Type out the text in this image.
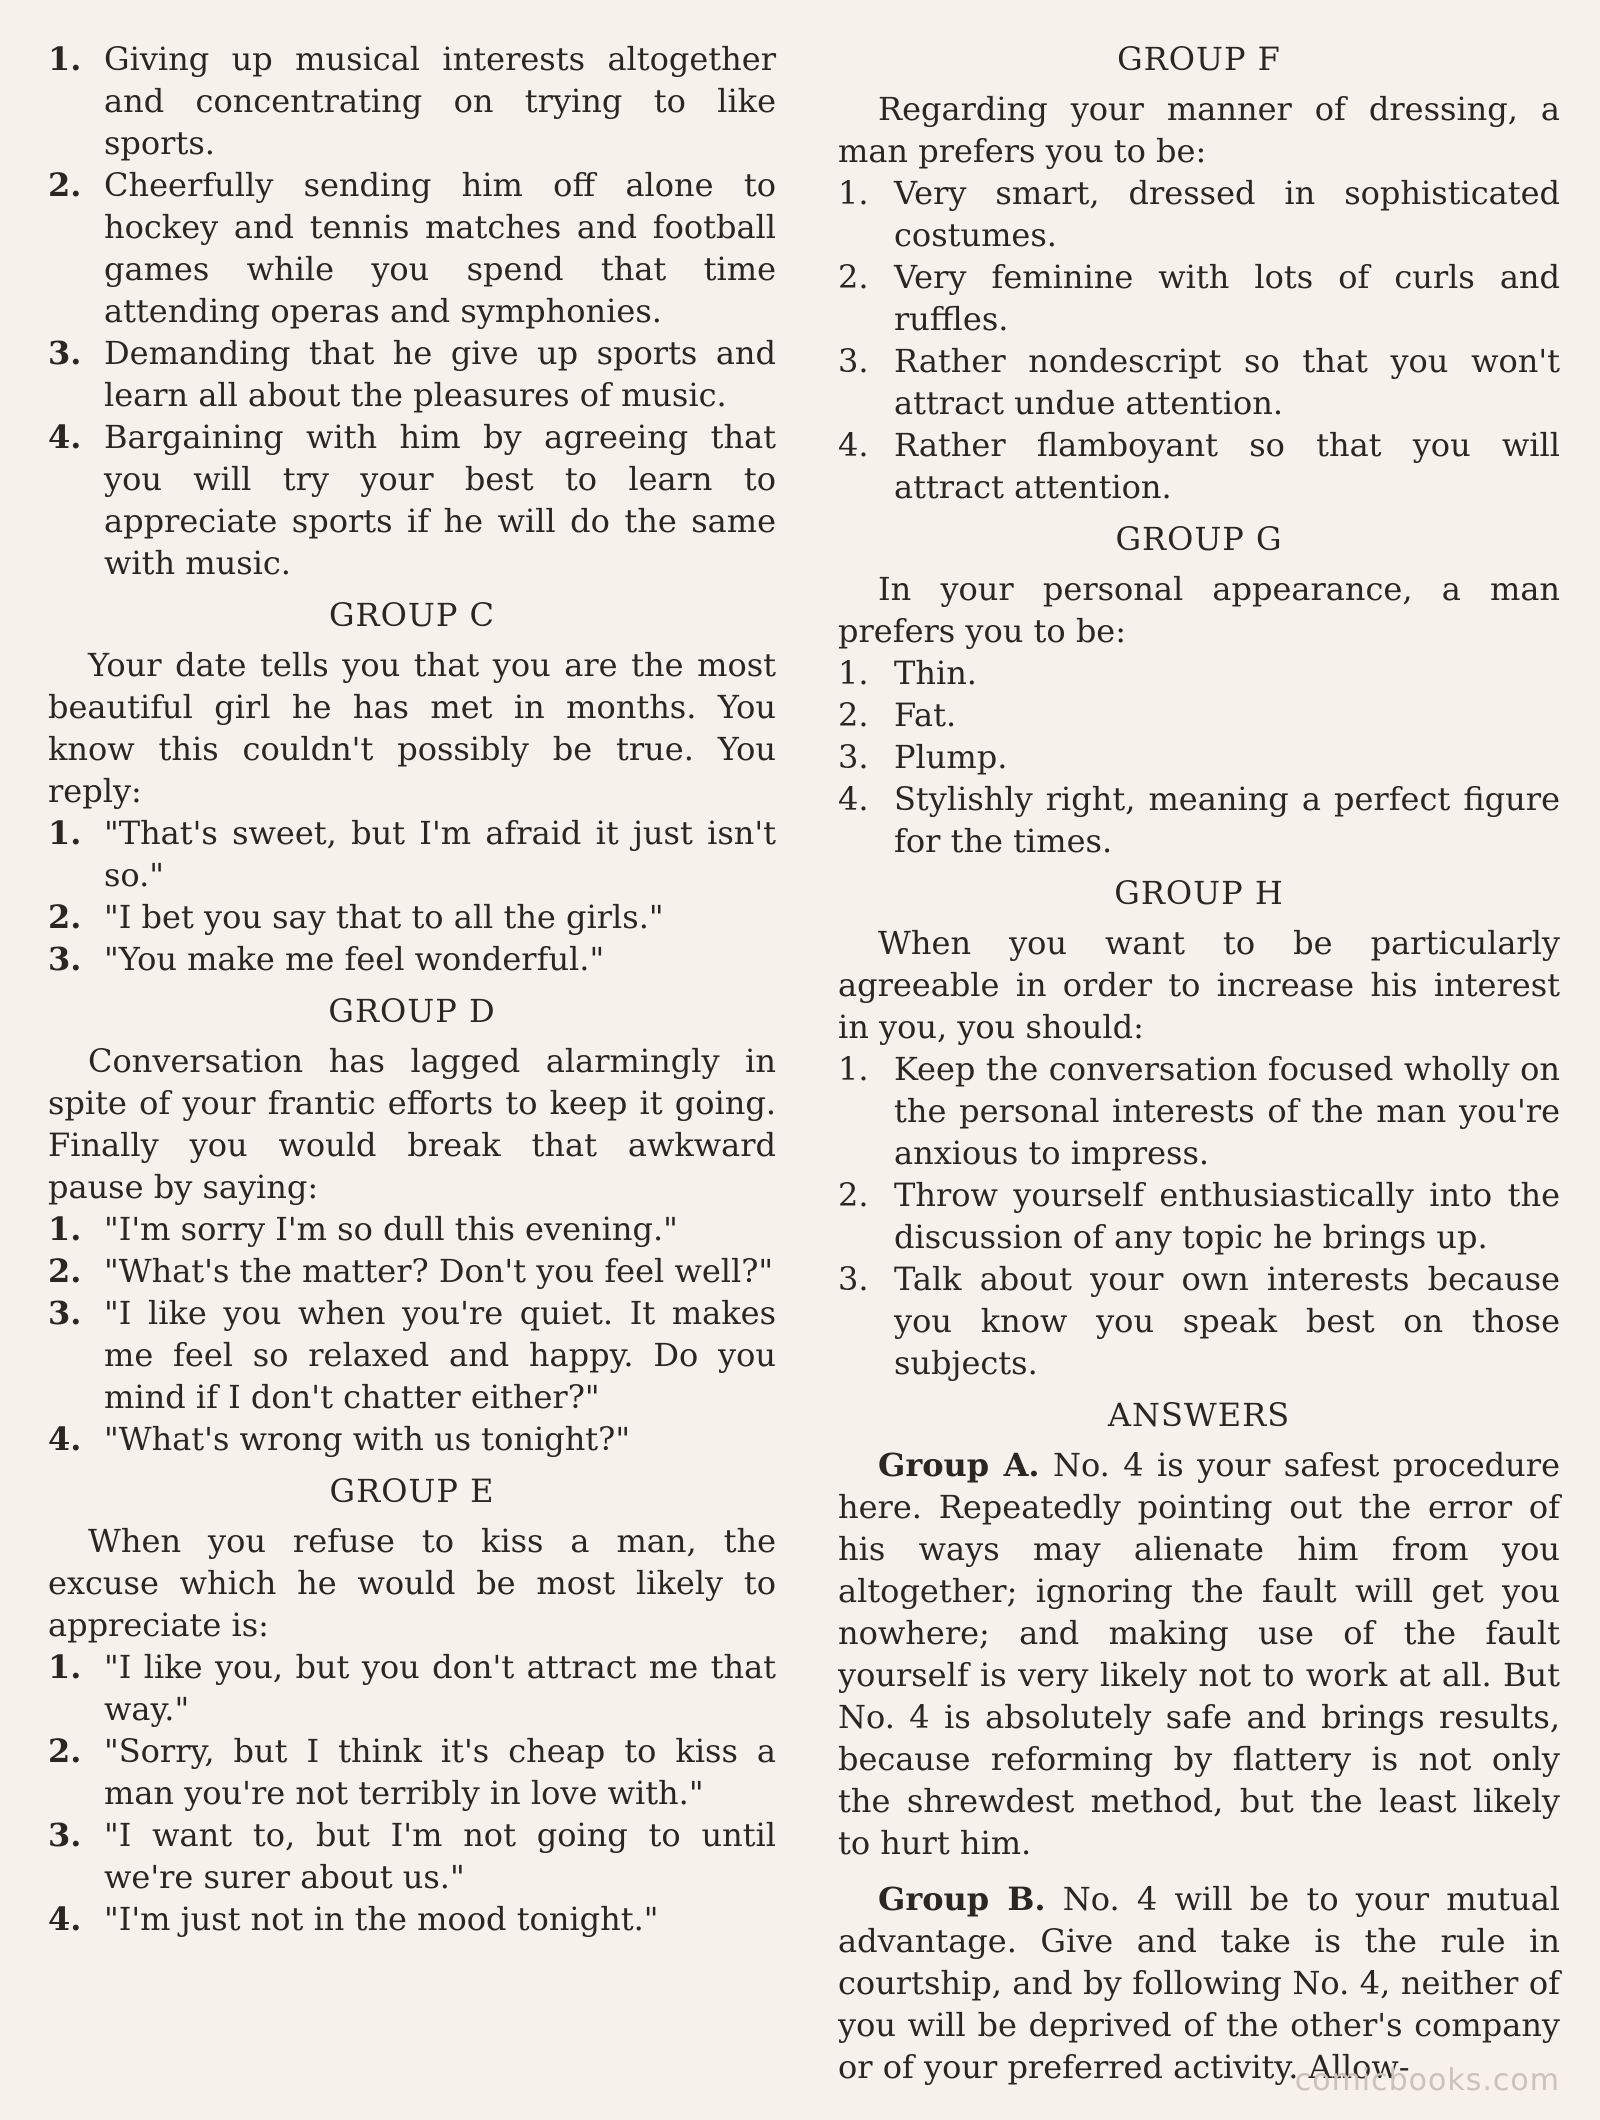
1. Giving up musical interests altogether and concentrating on trying to like sports.
2. Cheerfully sending him off alone to hockey and tennis matches and football games while you spend that time attending operas and symphonies.
3. Demanding that he give up sports and learn all about the pleasures of music.
4. Bargaining with him by agreeing that you will try your best to learn to appreciate sports if he will do the same with music.
GROUP C
Your date tells you that you are the most beautiful girl he has met in months. You know this couldn't possibly be true. You reply:
1. "That's sweet, but I'm afraid it just isn't so."
2. "I bet you say that to all the girls."
3. "You make me feel wonderful."
GROUP D
Conversation has lagged alarmingly in spite of your frantic efforts to keep it going. Finally you would break that awkward pause by saying:
1. "I'm sorry I'm so dull this evening."
2. "What's the matter? Don't you feel well?"
3. "I like you when you're quiet. It makes me feel so relaxed and happy. Do you mind if I don't chatter either?"
4. "What's wrong with us tonight?"
GROUP E
When you refuse to kiss a man, the excuse which he would be most likely to appreciate is:
1. "I like you, but you don't attract me that way."
2. "Sorry, but I think it's cheap to kiss a man you're not terribly in love with."
3. "I want to, but I'm not going to until we're surer about us."
4. "I'm just not in the mood tonight."
GROUP F
Regarding your manner of dressing, a man prefers you to be:
1. Very smart, dressed in sophisticated costumes.
2. Very feminine with lots of curls and ruffles.
3. Rather nondescript so that you won't attract undue attention.
4. Rather flamboyant so that you will attract attention.
GROUP G
In your personal appearance, a man prefers you to be:
1. Thin.
2. Fat.
3. Plump.
4. Stylishly right, meaning a perfect figure for the times.
GROUP H
When you want to be particularly agreeable in order to increase his interest in you, you should:
1. Keep the conversation focused wholly on the personal interests of the man you're anxious to impress.
2. Throw yourself enthusiastically into the discussion of any topic he brings up.
3. Talk about your own interests because you know you speak best on those subjects.
ANSWERS
Group A. No. 4 is your safest procedure here. Repeatedly pointing out the error of his ways may alienate him from you altogether; ignoring the fault will get you nowhere; and making use of the fault yourself is very likely not to work at all. But No. 4 is absolutely safe and brings results, because reforming by flattery is not only the shrewdest method, but the least likely to hurt him.
Group B. No. 4 will be to your mutual advantage. Give and take is the rule in courtship, and by following No. 4, neither of you will be deprived of the other's company or of your preferred activity. Allow-
comicbooks.com
